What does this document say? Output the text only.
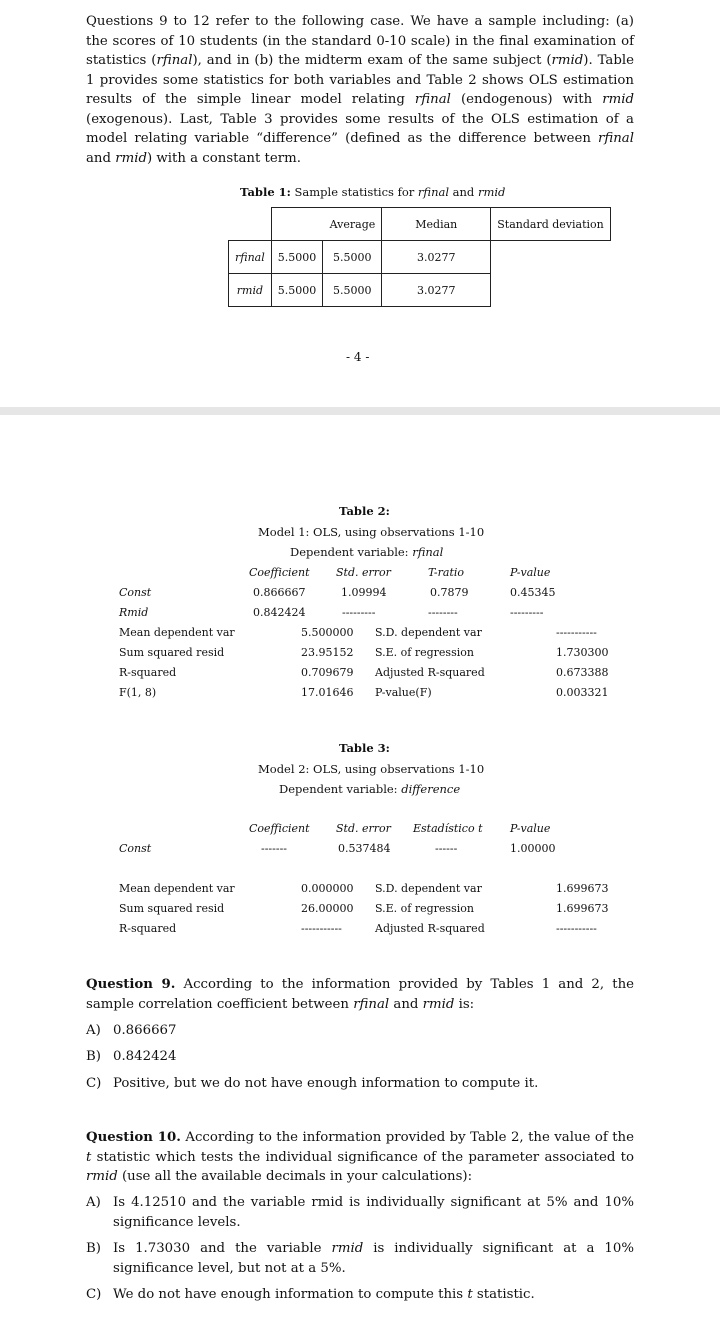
Questions 9 to 12 refer to the following case. We have a sample including: (a) the scores of 10 students (in the standard 0-10 scale) in the final examination of statistics (rfinal), and in (b) the midterm exam of the same subject (rmid). Table 1 provides some statistics for both variables and Table 2 shows OLS estimation results of the simple linear model relating rfinal (endogenous) with rmid (exogenous). Last, Table 3 provides some results of the OLS estimation of a model relating variable “difference” (defined as the difference between rfinal and rmid) with a constant term.

Table 1: Sample statistics for rfinal and rmid
	Average		Median	Standard deviation
rfinal	5.5000	5.5000	3.0277	
rmid	5.5000	5.5000	3.0277	
- 4 -
Table 2:
Model 1: OLS, using observations 1-10
Dependent variable: rfinal
Coefficient Std. error	T-ratio	P-value
Const	0.866667	1.09994	0.7879	0.45345
Rmid	0.842424	---------	--------	---------
Mean dependent var	5.500000 S.D. dependent var	-----------
Sum squared resid	23.95152 S.E. of regression	1.730300
R-squared	0.709679 Adjusted R-squared	0.673388
F(1, 8)	17.01646 P-value(F)	0.003321
Table 3:
Model 2: OLS, using observations 1-10
Dependent variable: difference
Coefficient Std. error Estadístico t	P-value
Const	-------	0.537484	------	1.00000
Mean dependent var	0.000000 S.D. dependent var	1.699673
Sum squared resid	26.00000 S.E. of regression	1.699673
R-squared	-----------	Adjusted R-squared	-----------

Question 9. According to the information provided by Tables 1 and 2, the sample correlation coefficient between rfinal and rmid is:

A) 0.866667
B) 0.842424
C) Positive, but we do not have enough information to compute it.

Question 10. According to the information provided by Table 2, the value of the t statistic which tests the individual significance of the parameter associated to rmid (use all the available decimals in your calculations):

A) Is 4.12510 and the variable rmid is individually significant at 5% and 10% significance levels.
B) Is 1.73030 and the variable rmid is individually significant at a 10% significance level, but not at a 5%.
C) We do not have enough information to compute this t statistic.
